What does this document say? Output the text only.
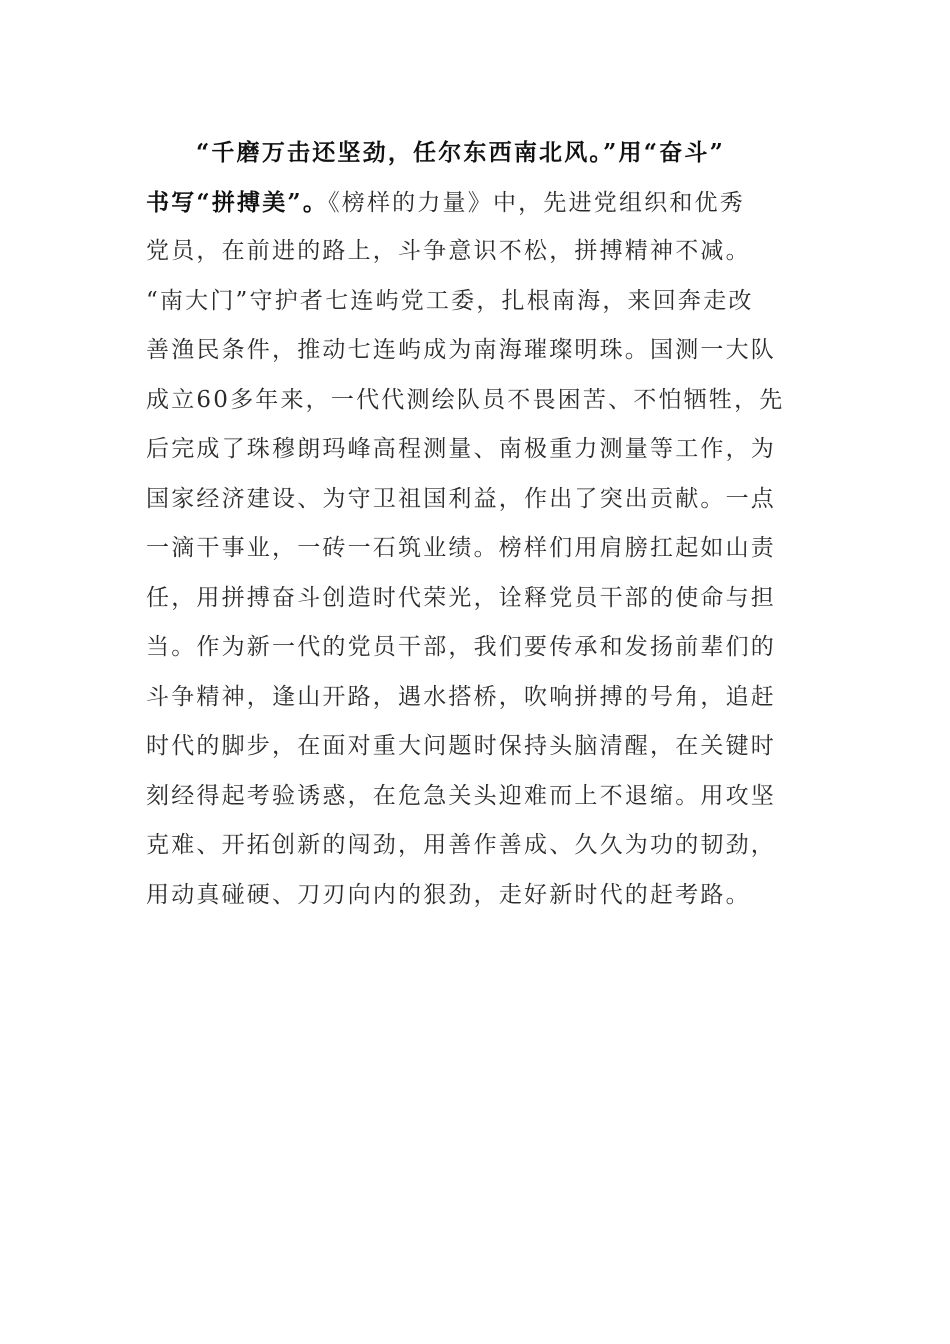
“千磨万击还坚劲，任尔东西南北风。”用“奋斗”
书写“拼搏美”。《榜样的力量》中，先进党组织和优秀
党员，在前进的路上，斗争意识不松，拼搏精神不减。
“南大门”守护者七连屿党工委，扎根南海，来回奔走改
善渔民条件，推动七连屿成为南海璀璨明珠。国测一大队
成立60多年来，一代代测绘队员不畏困苦、不怕牺牲，先
后完成了珠穆朗玛峰高程测量、南极重力测量等工作，为
国家经济建设、为守卫祖国利益，作出了突出贡献。一点
一滴干事业，一砖一石筑业绩。榜样们用肩膀扛起如山责
任，用拼搏奋斗创造时代荣光，诠释党员干部的使命与担
当。作为新一代的党员干部，我们要传承和发扬前辈们的
斗争精神，逢山开路，遇水搭桥，吹响拼搏的号角，追赶
时代的脚步，在面对重大问题时保持头脑清醒，在关键时
刻经得起考验诱惑，在危急关头迎难而上不退缩。用攻坚
克难、开拓创新的闯劲，用善作善成、久久为功的韧劲，
用动真碰硬、刀刃向内的狠劲，走好新时代的赶考路。
